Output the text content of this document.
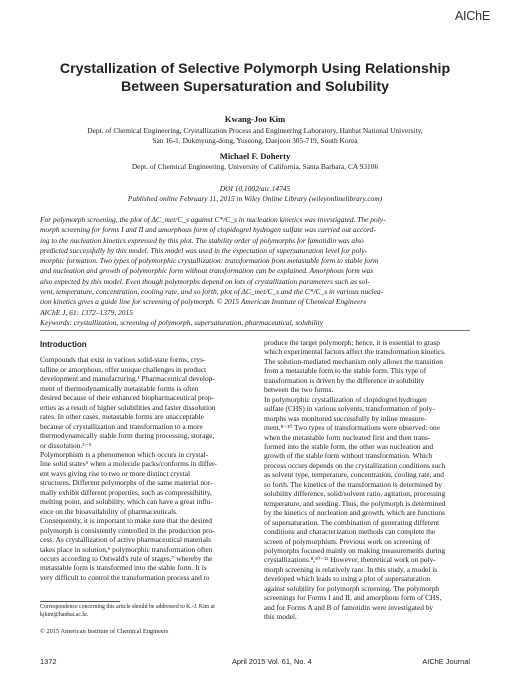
AIChE
Crystallization of Selective Polymorph Using Relationship
Between Supersaturation and Solubility
Kwang-Joo Kim
Dept. of Chemical Engineering, Crystallization Process and Engineering Laboratory, Hanbat National University,
San 16-1, Dukmyung-dong, Yuseong, Daejeon 305-719, South Korea
Michael F. Doherty
Dept. of Chemical Engineering, University of California, Santa Barbara, CA 93106
DOI 10.1002/aic.14745
Published online February 11, 2015 in Wiley Online Library (wileyonlinelibrary.com)
For polymorph screening, the plot of ΔC_met/C_s against C*/C_s in nucleation kinetics was investigated. The poly-
morph screening for forms I and II and amorphous form of clopidogrel hydrogen sulfate was carried out accord-
ing to the nucleation kinetics expressed by this plot. The stability order of polymorphs for famotidin was also
predicted successfully by this model. This model was used in the expectation of supersaturation level for poly-
morphic formation. Two types of polymorphic crystallization: transformation from metastable form to stable form
and nucleation and growth of polymorphic form without transformation can be explained. Amorphous form was
also expected by this model. Even though polymorphs depend on lots of crystallization parameters such as sol-
vent, temperature, concentration, cooling rate, and so forth, plot of ΔC_met/C_s and the C*/C_s in various nuclea-
tion kinetics gives a guide line for screening of polymorph. © 2015 American Institute of Chemical Engineers
AIChE J, 61: 1372–1379, 2015
Keywords: crystallization, screening of polymorph, supersaturation, pharmaceutical, solubility
Introduction
Compounds that exist in various solid-state forms, crys-
talline or amorphous, offer unique challenges in product
development and manufacturing.¹ Pharmaceutical develop-
ment of thermodynamically metastable forms is often
desired because of their enhanced biopharmaceutical prop-
erties as a result of higher solubilities and faster dissolution
rates. In other cases, metastable forms are unacceptable
because of crystallization and transformation to a more
thermodynamically stable form during processing, storage,
or dissolution.²⁻⁴
Polymorphism is a phenomenon which occurs in crystal-
line solid states⁵ when a molecule packs/conforms in differ-
ent ways giving rise to two or more distinct crystal
structures. Different polymorphs of the same material nor-
mally exhibit different properties, such as compressibility,
melting point, and solubility, which can have a great influ-
ence on the bioavailability of pharmaceuticals.
Consequently, it is important to make sure that the desired
polymorph is consistently controlled in the production pro-
cess. As crystallization of active pharmaceutical materials
takes place in solution,⁶ polymorphic transformation often
occurs according to Ostwald's rule of stages,⁷ whereby the
metastable form is transformed into the stable form. It is
very difficult to control the transformation process and to
produce the target polymorph; hence, it is essential to grasp
which experimental factors affect the transformation kinetics.
The solution-mediated mechanism only allows the transition
from a metastable form to the stable form. This type of
transformation is driven by the difference in solubility
between the two forms.
In polymorphic crystallization of clopidogrel hydrogen
sulfate (CHS) in various solvents, transformation of poly-
morphs was monitored successfully by inline measure-
ment.⁸⁻¹⁰ Two types of transformations were observed: one
when the metastable form nucleated first and then trans-
formed into the stable form, the other was nucleation and
growth of the stable form without transformation. Which
process occurs depends on the crystallization conditions such
as solvent type, temperature, concentration, cooling rate, and
so forth. The kinetics of the transformation is determined by
solubility difference, solid/solvent ratio, agitation, processing
temperature, and seeding. Thus, the polymorph is determined
by the kinetics of nucleation and growth, which are functions
of supersaturation. The combination of generating different
conditions and characterization methods can complete the
screen of polymorphism. Previous work on screening of
polymorphs focused mainly on making measurements during
crystallizations.⁸,¹⁰⁻¹² However, theoretical work on poly-
morph screening is relatively rare. In this study, a model is
developed which leads to using a plot of supersaturation
against solubility for polymorph screening. The polymorph
screenings for Forms I and II, and amorphous form of CHS,
and for Forms A and B of famotidin were investigated by
this model.
Correspondence concerning this article should be addressed to K.-J. Kim at
kjkim@hanbat.ac.kr.
© 2015 American Institute of Chemical Engineers
1372	April 2015 Vol. 61, No. 4	AIChE Journal
